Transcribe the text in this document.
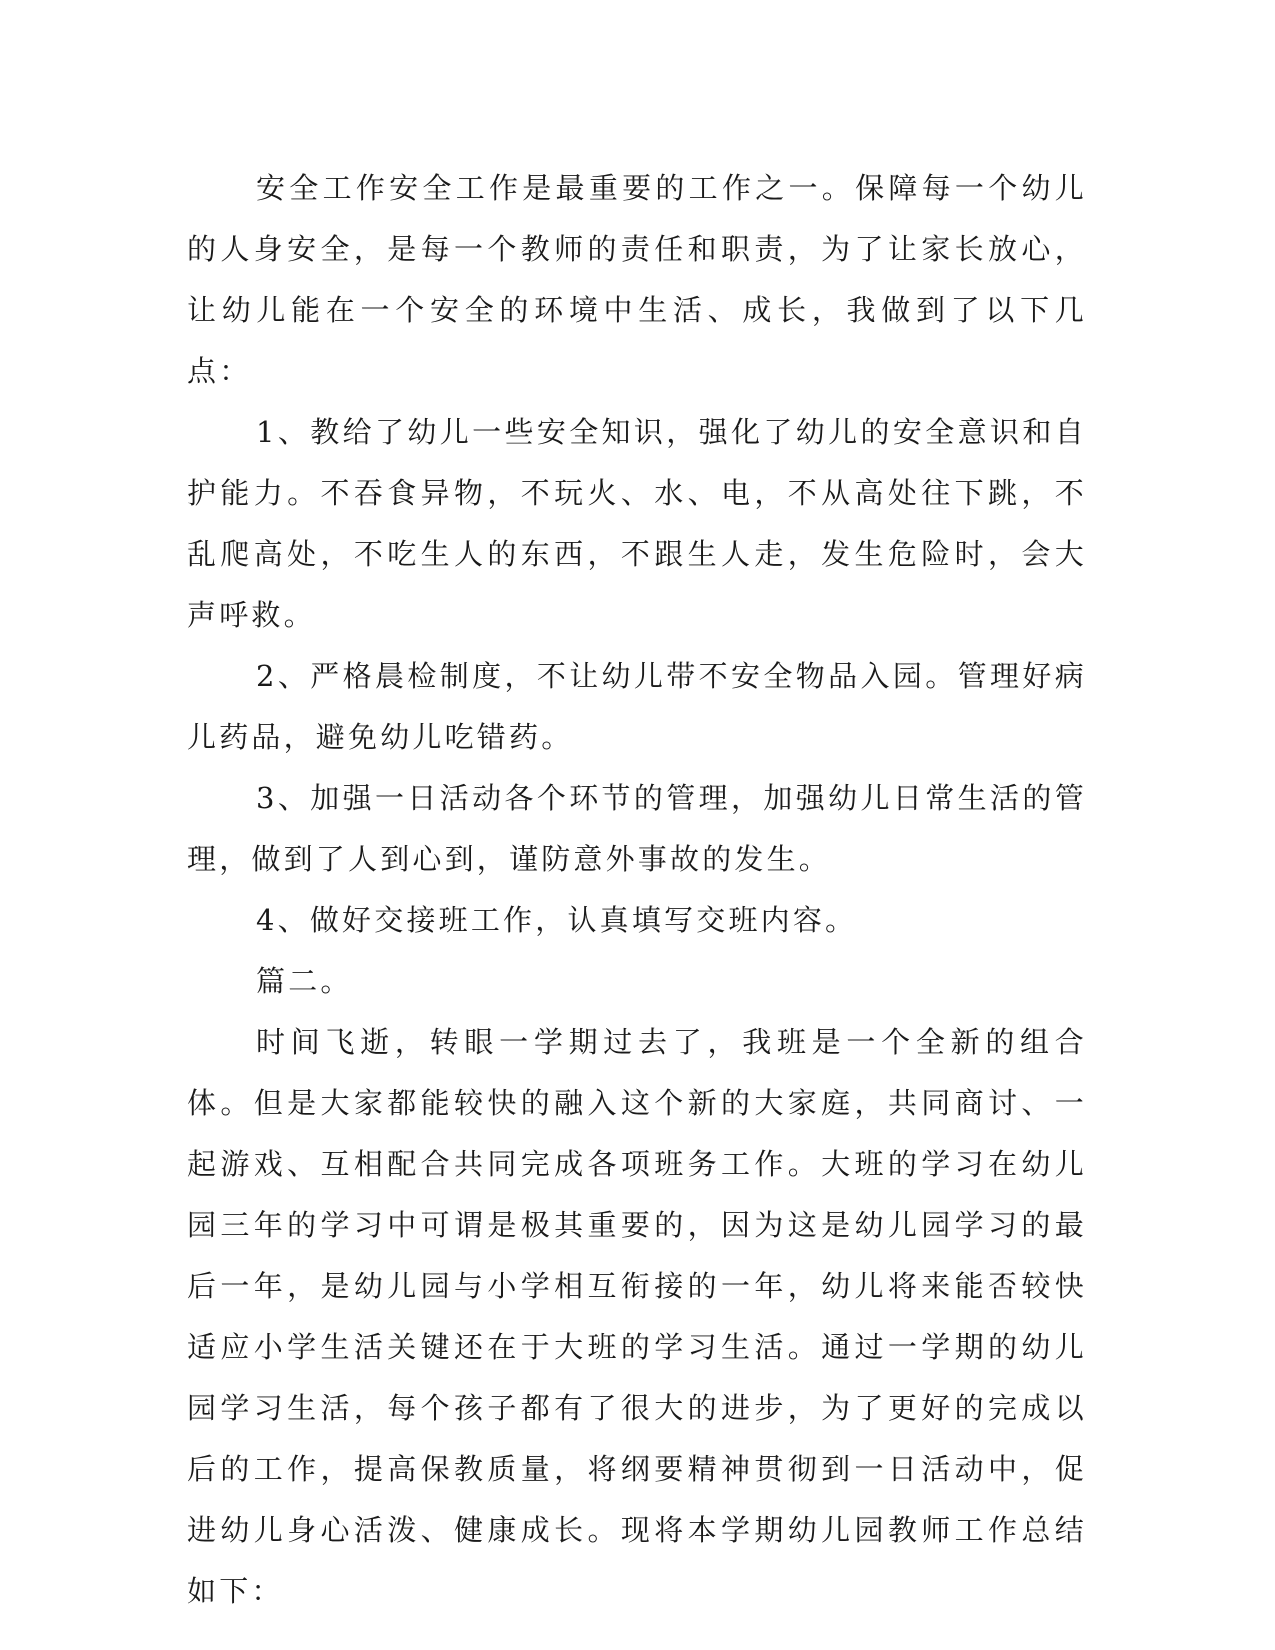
安全工作安全工作是最重要的工作之一。保障每一个幼儿的人身安全，是每一个教师的责任和职责，为了让家长放心，让幼儿能在一个安全的环境中生活、成长，我做到了以下几点：

1、教给了幼儿一些安全知识，强化了幼儿的安全意识和自护能力。不吞食异物，不玩火、水、电，不从高处往下跳，不乱爬高处，不吃生人的东西，不跟生人走，发生危险时，会大声呼救。

2、严格晨检制度，不让幼儿带不安全物品入园。管理好病儿药品，避免幼儿吃错药。

3、加强一日活动各个环节的管理，加强幼儿日常生活的管理，做到了人到心到，谨防意外事故的发生。

4、做好交接班工作，认真填写交班内容。

篇二。

时间飞逝，转眼一学期过去了，我班是一个全新的组合体。但是大家都能较快的融入这个新的大家庭，共同商讨、一起游戏、互相配合共同完成各项班务工作。大班的学习在幼儿园三年的学习中可谓是极其重要的，因为这是幼儿园学习的最后一年，是幼儿园与小学相互衔接的一年，幼儿将来能否较快适应小学生活关键还在于大班的学习生活。通过一学期的幼儿园学习生活，每个孩子都有了很大的进步，为了更好的完成以后的工作，提高保教质量，将纲要精神贯彻到一日活动中，促进幼儿身心活泼、健康成长。现将本学期幼儿园教师工作总结如下：
